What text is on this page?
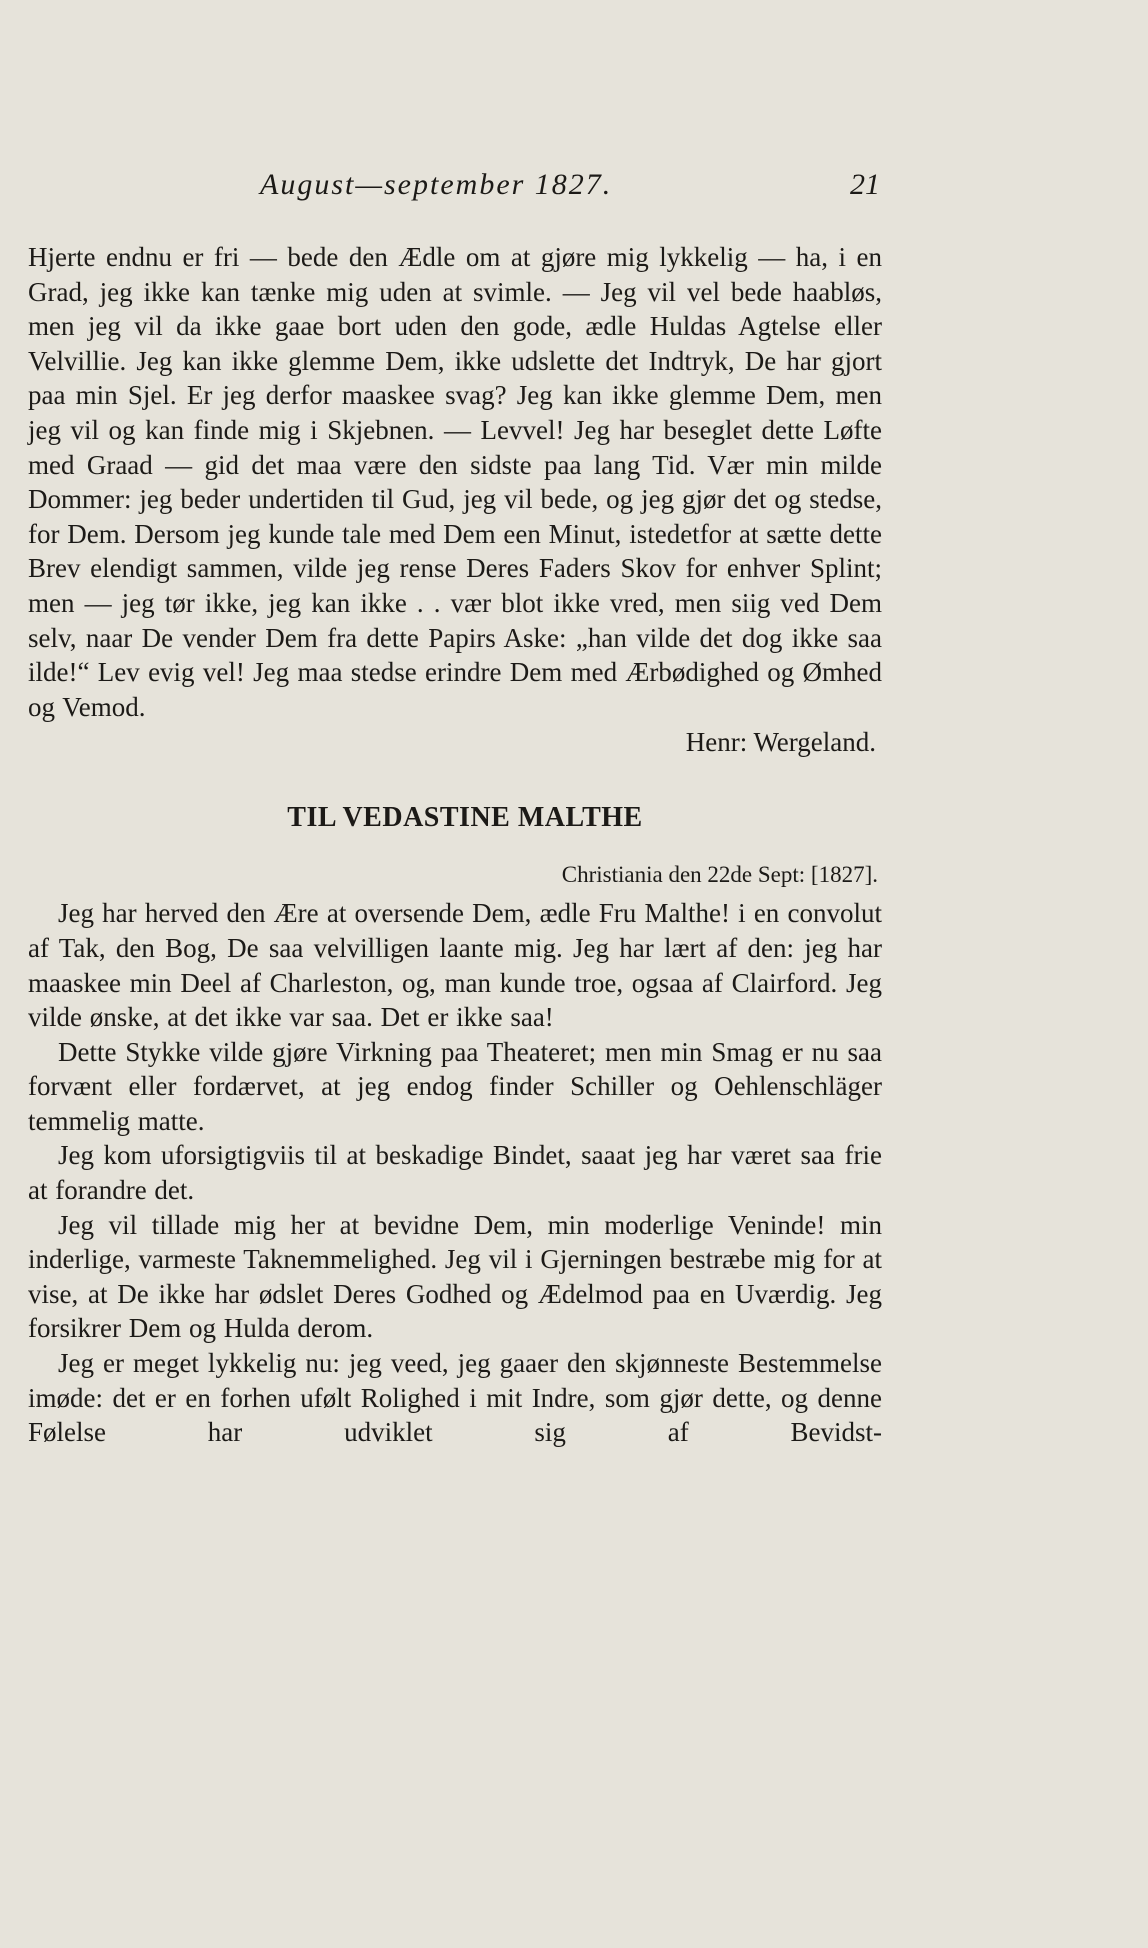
August—september 1827.	21

Hjerte endnu er fri — bede den Ædle om at gjøre mig lykkelig — ha, i en Grad, jeg ikke kan tænke mig uden at svimle. — Jeg vil vel bede haabløs, men jeg vil da ikke gaae bort uden den gode, ædle Huldas Agtelse eller Velvillie. Jeg kan ikke glemme Dem, ikke udslette det Indtryk, De har gjort paa min Sjel. Er jeg derfor maaskee svag? Jeg kan ikke glemme Dem, men jeg vil og kan finde mig i Skjebnen. — Levvel! Jeg har beseglet dette Løfte med Graad — gid det maa være den sidste paa lang Tid. Vær min milde Dommer: jeg beder undertiden til Gud, jeg vil bede, og jeg gjør det og stedse, for Dem. Dersom jeg kunde tale med Dem een Minut, istedetfor at sætte dette Brev elendigt sammen, vilde jeg rense Deres Faders Skov for enhver Splint; men — jeg tør ikke, jeg kan ikke . . vær blot ikke vred, men siig ved Dem selv, naar De vender Dem fra dette Papirs Aske: „han vilde det dog ikke saa ilde!“ Lev evig vel! Jeg maa stedse erindre Dem med Ærbødighed og Ømhed og Vemod.

Henr: Wergeland.

TIL VEDASTINE MALTHE

Christiania den 22de Sept: [1827].

Jeg har herved den Ære at oversende Dem, ædle Fru Malthe! i en convolut af Tak, den Bog, De saa velvilligen laante mig. Jeg har lært af den: jeg har maaskee min Deel af Charleston, og, man kunde troe, ogsaa af Clairford. Jeg vilde ønske, at det ikke var saa. Det er ikke saa!

Dette Stykke vilde gjøre Virkning paa Theateret; men min Smag er nu saa forvænt eller fordærvet, at jeg endog finder Schiller og Oehlenschläger temmelig matte.

Jeg kom uforsigtigviis til at beskadige Bindet, saaat jeg har været saa frie at forandre det.

Jeg vil tillade mig her at bevidne Dem, min moderlige Veninde! min inderlige, varmeste Taknemmelighed. Jeg vil i Gjerningen bestræbe mig for at vise, at De ikke har ødslet Deres Godhed og Ædelmod paa en Uværdig. Jeg forsikrer Dem og Hulda derom.

Jeg er meget lykkelig nu: jeg veed, jeg gaaer den skjønneste Bestemmelse imøde: det er en forhen ufølt Rolighed i mit Indre, som gjør dette, og denne Følelse har udviklet sig af Bevidst-
